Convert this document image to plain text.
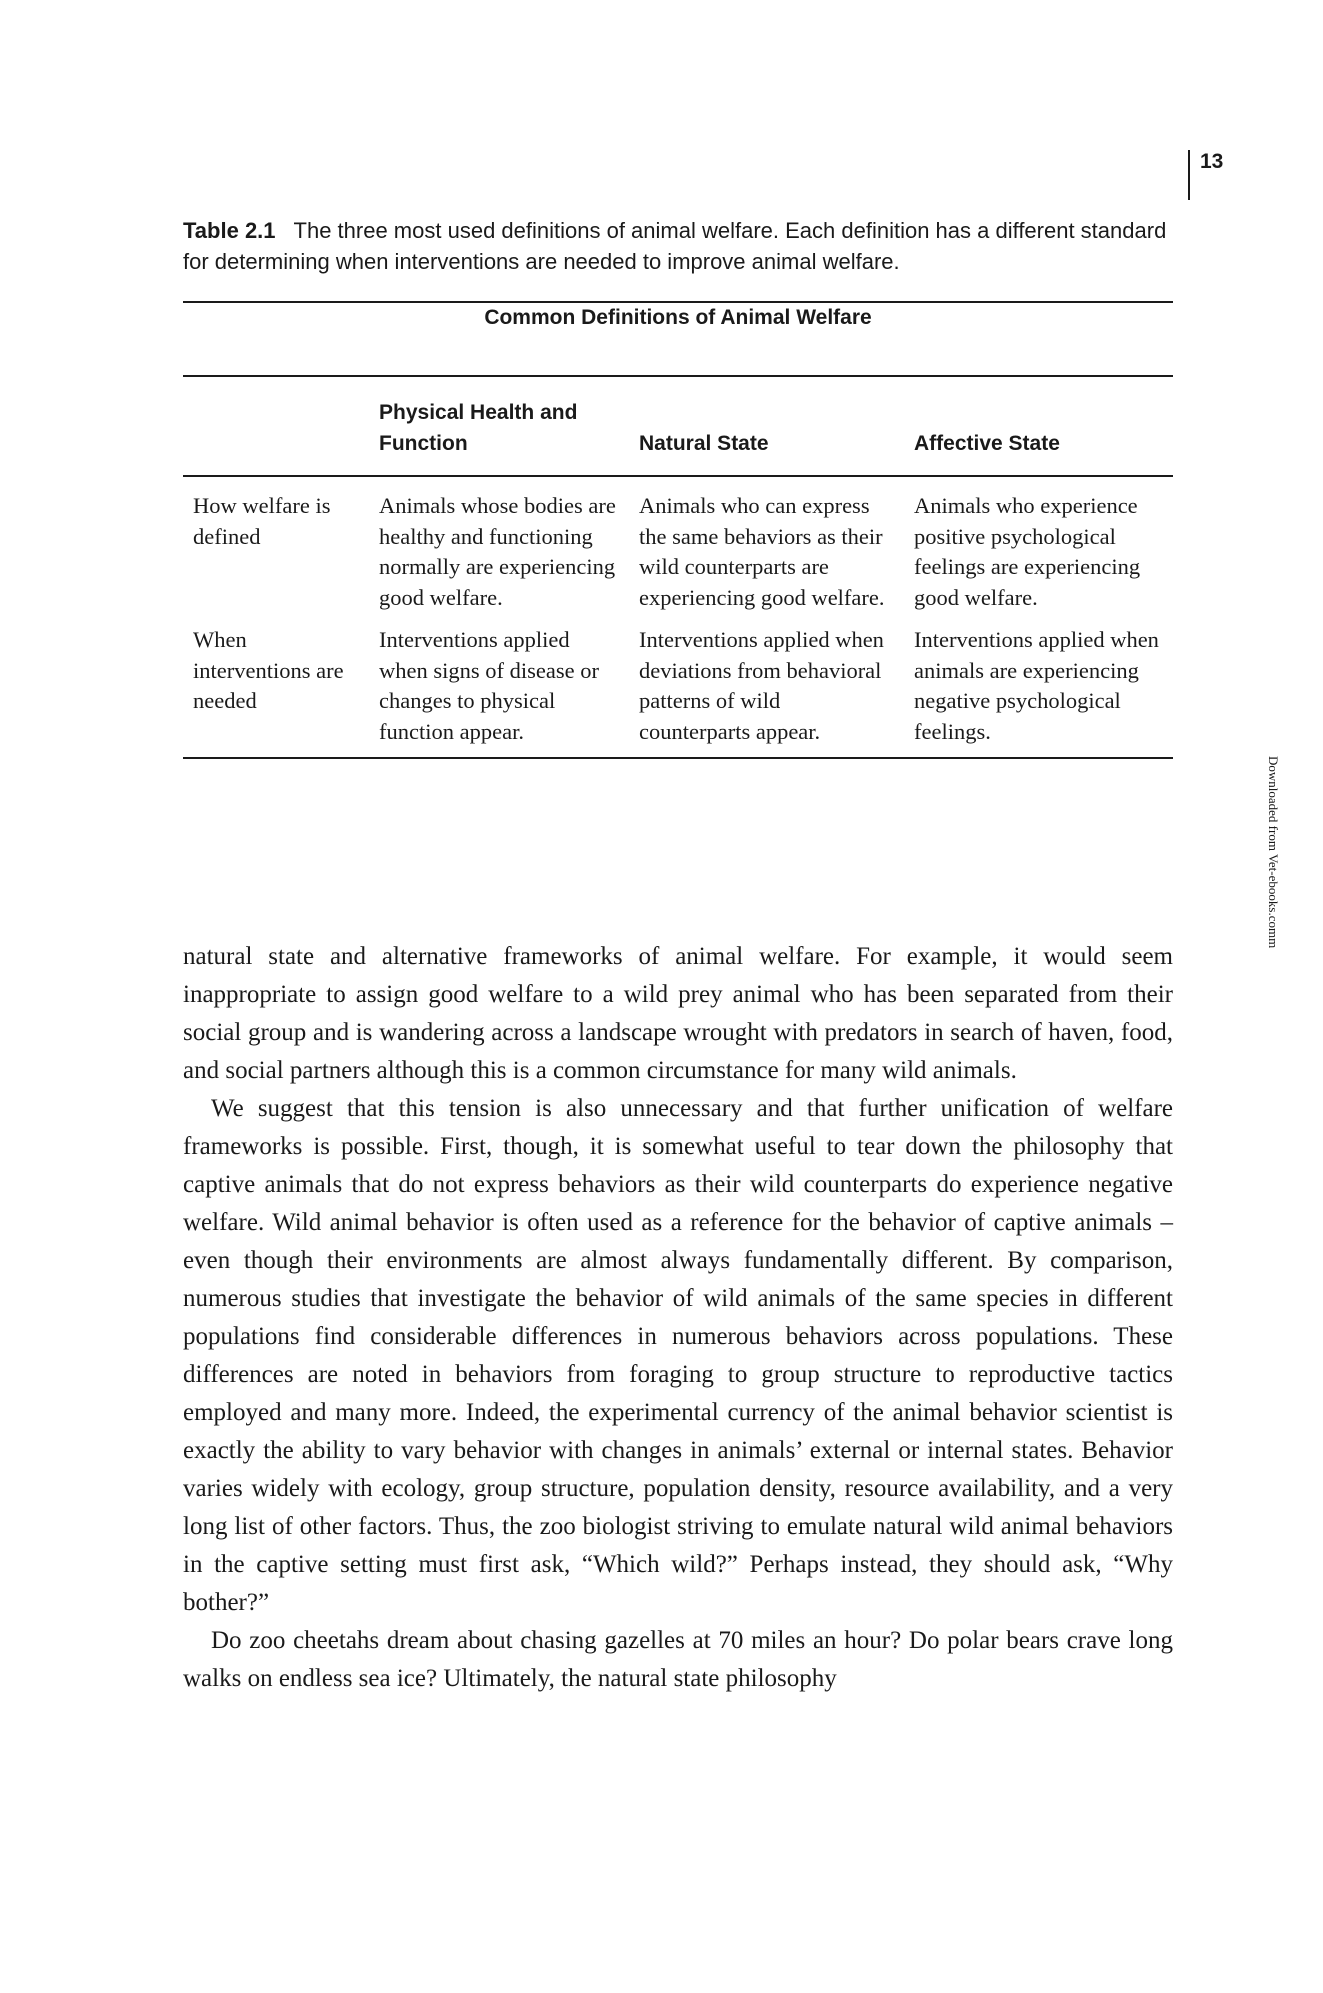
13
Downloaded from Vet-ebooks.comm
Table 2.1 The three most used definitions of animal welfare. Each definition has a different standard for determining when interventions are needed to improve animal welfare.
Common Definitions of Animal Welfare			
	Physical Health and Function	Natural State	Affective State
How welfare is defined	Animals whose bodies are healthy and functioning normally are experiencing good welfare.	Animals who can express the same behaviors as their wild counterparts are experiencing good welfare.	Animals who experience positive psychological feelings are experiencing good welfare.
When interventions are needed	Interventions applied when signs of disease or changes to physical function appear.	Interventions applied when deviations from behavioral patterns of wild counterparts appear.	Interventions applied when animals are experiencing negative psychological feelings.

natural state and alternative frameworks of animal welfare. For example, it would seem inappropriate to assign good welfare to a wild prey animal who has been separated from their social group and is wandering across a landscape wrought with predators in search of haven, food, and social partners although this is a common circumstance for many wild animals.

We suggest that this tension is also unnecessary and that further unification of welfare frameworks is possible. First, though, it is somewhat useful to tear down the philosophy that captive animals that do not express behaviors as their wild counterparts do experience negative welfare. Wild animal behavior is often used as a reference for the behavior of captive animals – even though their environments are almost always fundamentally different. By comparison, numerous studies that investigate the behavior of wild animals of the same species in different populations find considerable differences in numerous behaviors across populations. These differences are noted in behaviors from foraging to group structure to reproductive tactics employed and many more. Indeed, the experimental currency of the animal behavior scientist is exactly the ability to vary behavior with changes in animals’ external or internal states. Behavior varies widely with ecology, group structure, population density, resource availability, and a very long list of other factors. Thus, the zoo biologist striving to emulate natural wild animal behaviors in the captive setting must first ask, “Which wild?” Perhaps instead, they should ask, “Why bother?”

Do zoo cheetahs dream about chasing gazelles at 70 miles an hour? Do polar bears crave long walks on endless sea ice? Ultimately, the natural state philosophy
